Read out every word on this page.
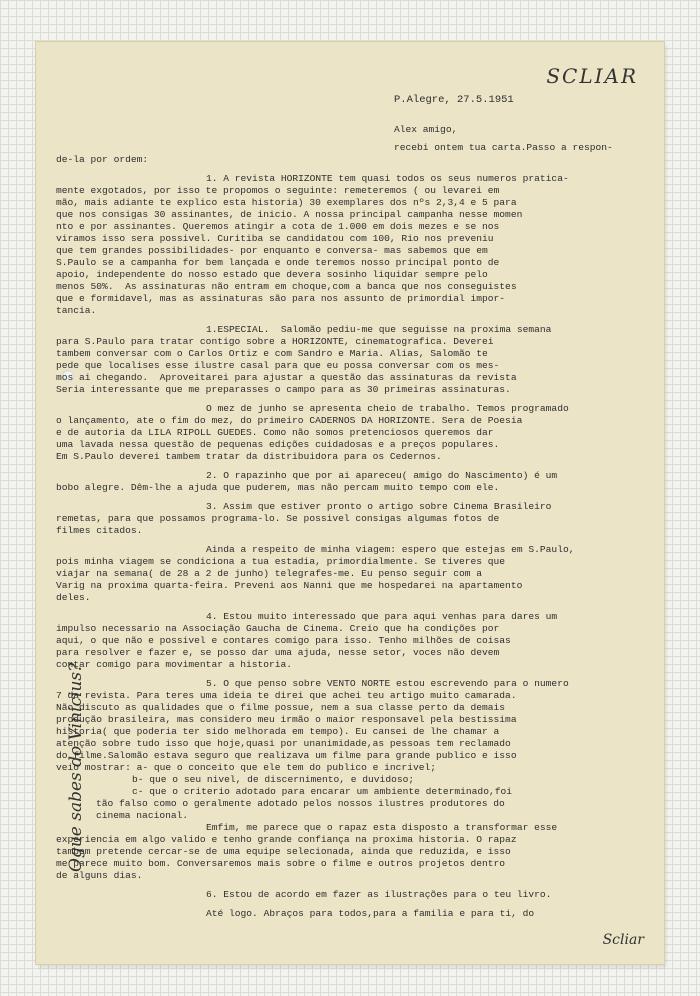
SCLIAR
Ogue sabes do Vinicius?
P.Alegre, 27.5.1951
Alex amigo,
recebi ontem tua carta.Passo a respon-
de-la por ordem:
1. A revista HORIZONTE tem quasi todos os seus numeros pratica-
mente exgotados, por isso te propomos o seguinte: remeteremos ( ou levarei em
mão, mais adiante te explico esta historia) 30 exemplares dos nºs 2,3,4 e 5 para
que nos consigas 30 assinantes, de inicio. A nossa principal campanha nesse momen
nto e por assinantes. Queremos atingir a cota de 1.000 em dois mezes e se nos
viramos isso sera possivel. Curitiba se candidatou com 100, Rio nos preveniu
que tem grandes possibilidades- por enquanto e conversa- mas sabemos que em
S.Paulo se a campanha for bem lançada e onde teremos nosso principal ponto de
apoio, independente do nosso estado que devera sosinho liquidar sempre pelo
menos 50%.  As assinaturas não entram em choque,com a banca que nos conseguistes
que e formidavel, mas as assinaturas são para nos assunto de primordial impor-
tancia.
1.ESPECIAL.  Salomão pediu-me que seguisse na proxima semana
para S.Paulo para tratar contigo sobre a HORIZONTE, cinematografica. Deverei
tambem conversar com o Carlos Ortiz e com Sandro e Maria. Alias, Salomão te
pede que localises esse ilustre casal para que eu possa conversar com os mes-
mos ai chegando.  Aproveitarei para ajustar a questão das assinaturas da revista
Seria interessante que me preparasses o campo para as 30 primeiras assinaturas.
O mez de junho se apresenta cheio de trabalho. Temos programado
o lançamento, ate o fim do mez, do primeiro CADERNOS DA HORIZONTE. Sera de Poesia
e de autoria da LILA RIPOLL GUEDES. Como não somos pretenciosos queremos dar
uma lavada nessa questão de pequenas edições cuidadosas e a preços populares.
Em S.Paulo deverei tambem tratar da distribuidora para os Cedernos.
2. O rapazinho que por ai apareceu( amigo do Nascimento) é um
bobo alegre. Dêm-lhe a ajuda que puderem, mas não percam muito tempo com ele.
3. Assim que estiver pronto o artigo sobre Cinema Brasileiro
remetas, para que possamos programa-lo. Se possivel consigas algumas fotos de
filmes citados.
Ainda a respeito de minha viagem: espero que estejas em S.Paulo,
pois minha viagem se condiciona a tua estadia, primordialmente. Se tiveres que
viajar na semana( de 28 a 2 de junho) telegrafes-me. Eu penso seguir com a
Varig na proxima quarta-feira. Preveni aos Nanni que me hospedarei na apartamento
deles.
4. Estou muito interessado que para aqui venhas para dares um
impulso necessario na Associação Gaucha de Cinema. Creio que ha condições por
aqui, o que não e possivel e contares comigo para isso. Tenho milhões de coisas
para resolver e fazer e, se posso dar uma ajuda, nesse setor, voces não devem
contar comigo para movimentar a historia.
5. O que penso sobre VENTO NORTE estou escrevendo para o numero
7 da revista. Para teres uma ideia te direi que achei teu artigo muito camarada.
Não discuto as qualidades que o filme possue, nem a sua classe perto da demais
produção brasileira, mas considero meu irmão o maior responsavel pela bestissima
historia( que poderia ter sido melhorada em tempo). Eu cansei de lhe chamar a
atenção sobre tudo isso que hoje,quasi por unanimidade,as pessoas tem reclamado
do filme.Salomão estava seguro que realizava um filme para grande publico e isso
veio mostrar: a- que o conceito que ele tem do publico e incrivel;
b- que o seu nivel, de discernimento, e duvidoso;
c- que o criterio adotado para encarar um ambiente determinado,foi
tão falso como o geralmente adotado pelos nossos ilustres produtores do
cinema nacional.
Emfim, me parece que o rapaz esta disposto a transformar esse
experiencia em algo valido e tenho grande confiança na proxima historia. O rapaz
tambem pretende cercar-se de uma equipe selecionada, ainda que reduzida, e isso
me parece muito bom. Conversaremos mais sobre o filme e outros projetos dentro
de alguns dias.
6. Estou de acordo em fazer as ilustrações para o teu livro.
Até logo. Abraços para todos,para a familia e para ti, do
Scliar
